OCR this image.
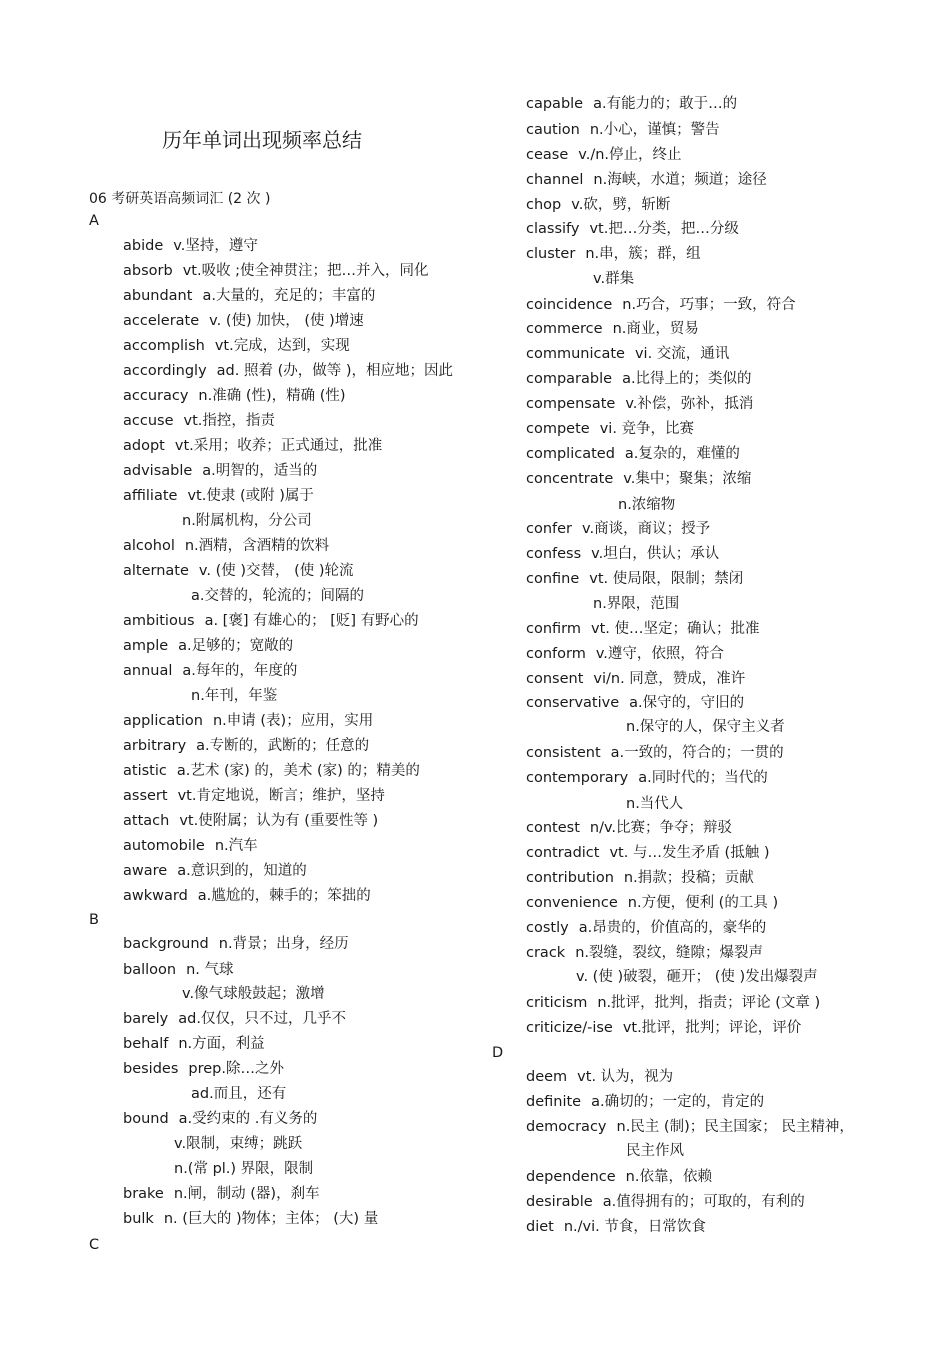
历年单词出现频率总结
06 考研英语高频词汇 (2 次 )
A
B
C
D
abide v.坚持，遵守
absorb vt.吸收 ;使全神贯注；把…并入，同化
abundant a.大量的，充足的；丰富的
accelerate v. (使) 加快， (使 )增速
accomplish vt.完成，达到，实现
accordingly ad. 照着 (办，做等 )，相应地；因此
accuracy n.准确 (性)，精确 (性)
accuse vt.指控，指责
adopt vt.采用；收养；正式通过，批准
advisable a.明智的，适当的
affiliate vt.使隶 (或附 )属于
n.附属机构，分公司
alcohol n.酒精，含酒精的饮料
alternate v. (使 )交替， (使 )轮流
a.交替的，轮流的；间隔的
ambitious a. [褒] 有雄心的； [贬] 有野心的
ample a.足够的；宽敞的
annual a.每年的，年度的
n.年刊，年鉴
application n.申请 (表)；应用，实用
arbitrary a.专断的，武断的；任意的
atistic a.艺术 (家) 的，美术 (家) 的；精美的
assert vt.肯定地说，断言；维护，坚持
attach vt.使附属；认为有 (重要性等 )
automobile n.汽车
aware a.意识到的，知道的
awkward a.尴尬的，棘手的；笨拙的
background n.背景；出身，经历
balloon n. 气球
v.像气球般鼓起；激增
barely ad.仅仅，只不过，几乎不
behalf n.方面，利益
besides prep.除…之外
ad.而且，还有
bound a.受约束的 .有义务的
v.限制，束缚；跳跃
n.(常 pl.) 界限，限制
brake n.闸，制动 (器)，刹车
bulk n. (巨大的 )物体；主体； (大) 量
capable a.有能力的；敢于…的
caution n.小心，谨慎；警告
cease v./n.停止，终止
channel n.海峡，水道；频道；途径
chop v.砍，劈，斩断
classify vt.把…分类，把…分级
cluster n.串，簇；群，组
v.群集
coincidence n.巧合，巧事；一致，符合
commerce n.商业，贸易
communicate vi. 交流，通讯
comparable a.比得上的；类似的
compensate v.补偿，弥补，抵消
compete vi. 竞争，比赛
complicated a.复杂的，难懂的
concentrate v.集中；聚集；浓缩
n.浓缩物
confer v.商谈，商议；授予
confess v.坦白，供认；承认
confine vt. 使局限，限制；禁闭
n.界限，范围
confirm vt. 使…坚定；确认；批准
conform v.遵守，依照，符合
consent vi/n. 同意，赞成，准许
conservative a.保守的，守旧的
n.保守的人，保守主义者
consistent a.一致的，符合的；一贯的
contemporary a.同时代的；当代的
n.当代人
contest n/v.比赛；争夺；辩驳
contradict vt. 与…发生矛盾 (抵触 )
contribution n.捐款；投稿；贡献
convenience n.方便，便利 (的工具 )
costly a.昂贵的，价值高的，豪华的
crack n.裂缝，裂纹，缝隙；爆裂声
v. (使 )破裂，砸开； (使 )发出爆裂声
criticism n.批评，批判，指责；评论 (文章 )
criticize/-ise vt.批评，批判；评论，评价
deem vt. 认为，视为
definite a.确切的；一定的，肯定的
democracy n.民主 (制)；民主国家； 民主精神，
民主作风
dependence n.依靠，依赖
desirable a.值得拥有的；可取的，有利的
diet n./vi. 节食，日常饮食
